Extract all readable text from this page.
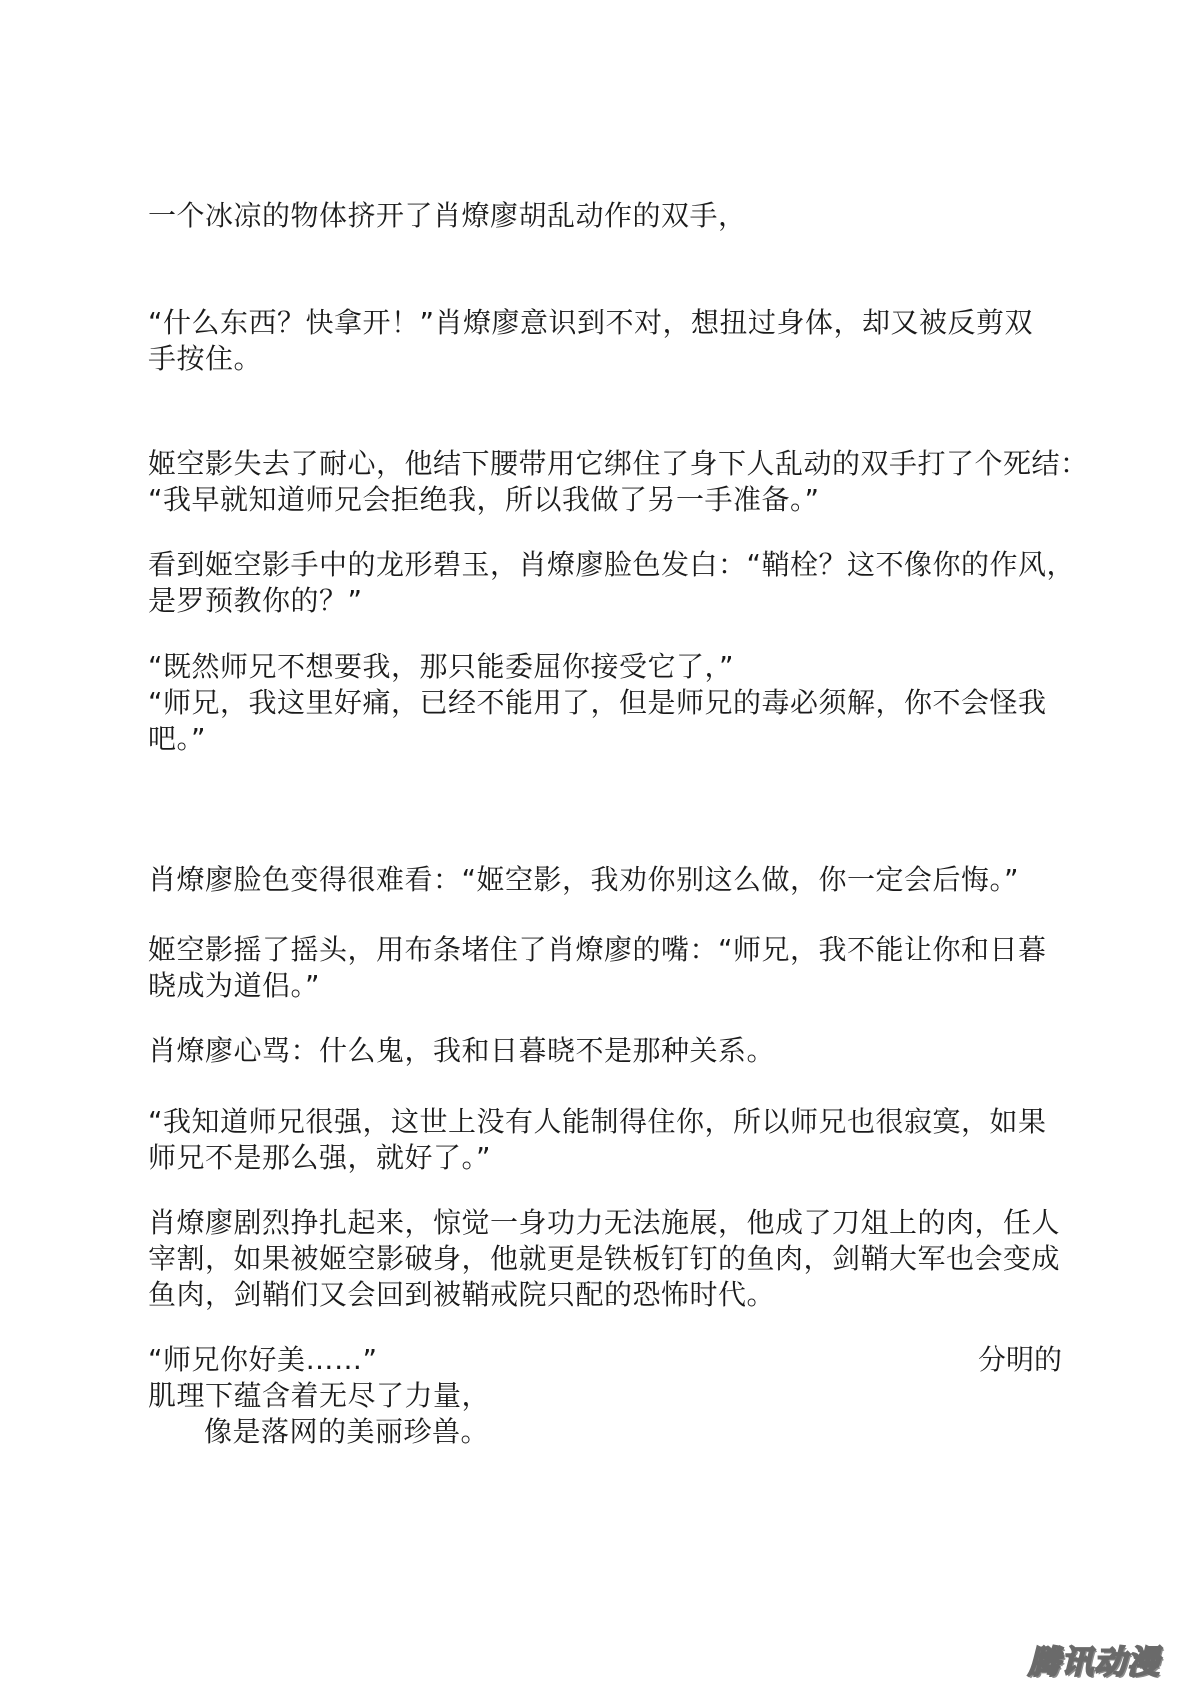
一个冰凉的物体挤开了肖燎廖胡乱动作的双手，
“什么东西？快拿开！”肖燎廖意识到不对，想扭过身体，却又被反剪双
手按住。
姬空影失去了耐心，他结下腰带用它绑住了身下人乱动的双手打了个死结：
“我早就知道师兄会拒绝我，所以我做了另一手准备。”
看到姬空影手中的龙形碧玉，肖燎廖脸色发白：“鞘栓？这不像你的作风，
是罗预教你的？”
“既然师兄不想要我，那只能委屈你接受它了，”
“师兄，我这里好痛，已经不能用了，但是师兄的毒必须解，你不会怪我
吧。”
肖燎廖脸色变得很难看：“姬空影，我劝你别这么做，你一定会后悔。”
姬空影摇了摇头，用布条堵住了肖燎廖的嘴：“师兄，我不能让你和日暮
晓成为道侣。”
肖燎廖心骂：什么鬼，我和日暮晓不是那种关系。
“我知道师兄很强，这世上没有人能制得住你，所以师兄也很寂寞，如果
师兄不是那么强，就好了。”
肖燎廖剧烈挣扎起来，惊觉一身功力无法施展，他成了刀俎上的肉，任人
宰割，如果被姬空影破身，他就更是铁板钉钉的鱼肉，剑鞘大军也会变成
鱼肉，剑鞘们又会回到被鞘戒院只配的恐怖时代。
“师兄你好美……”	分明的
肌理下蕴含着无尽了力量，
像是落网的美丽珍兽。
腾讯动漫
